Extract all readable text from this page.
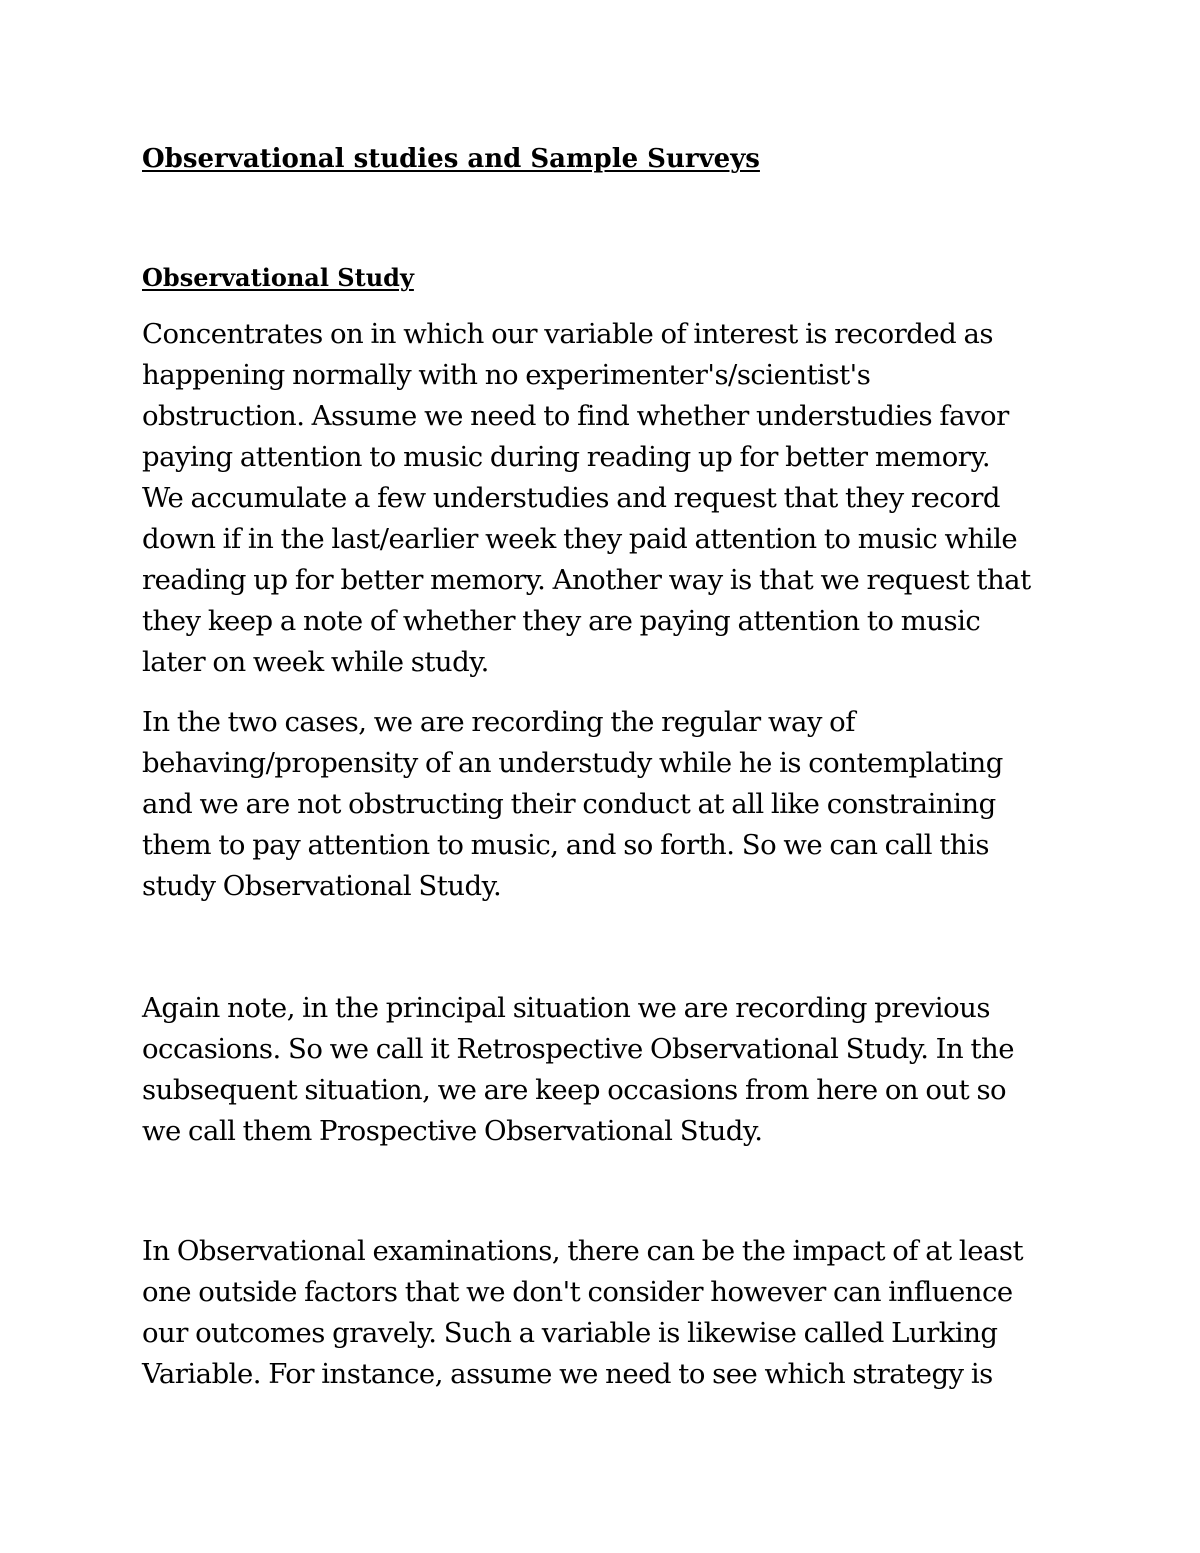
Observational studies and Sample Surveys
Observational Study

Concentrates on in which our variable of interest is recorded as
happening normally with no experimenter's/scientist's
obstruction. Assume we need to find whether understudies favor
paying attention to music during reading up for better memory.
We accumulate a few understudies and request that they record
down if in the last/earlier week they paid attention to music while
reading up for better memory. Another way is that we request that
they keep a note of whether they are paying attention to music
later on week while study.

In the two cases, we are recording the regular way of
behaving/propensity of an understudy while he is contemplating
and we are not obstructing their conduct at all like constraining
them to pay attention to music, and so forth. So we can call this
study Observational Study.

Again note, in the principal situation we are recording previous
occasions. So we call it Retrospective Observational Study. In the
subsequent situation, we are keep occasions from here on out so
we call them Prospective Observational Study.

In Observational examinations, there can be the impact of at least
one outside factors that we don't consider however can influence
our outcomes gravely. Such a variable is likewise called Lurking
Variable. For instance, assume we need to see which strategy is
